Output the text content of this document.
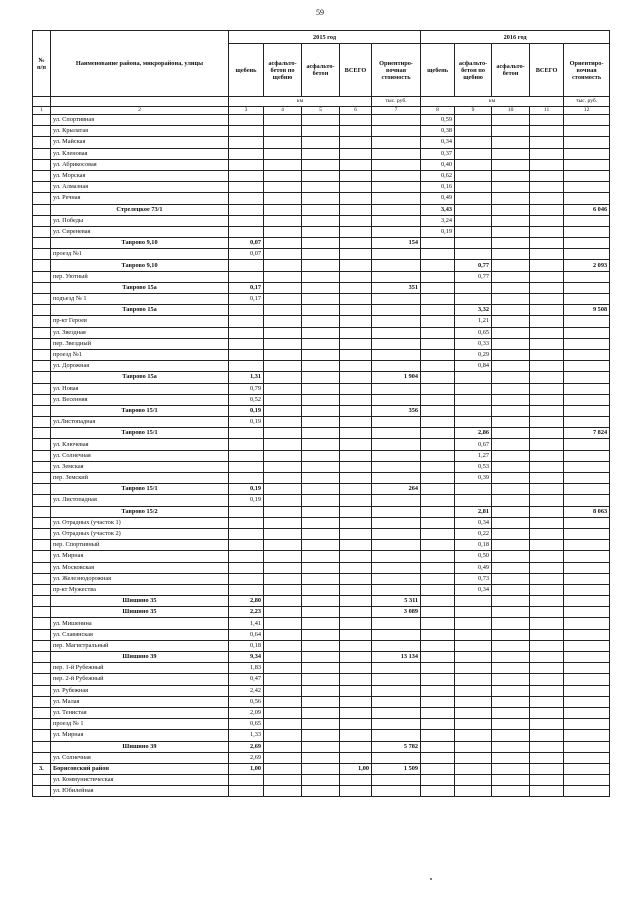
59
№ п/п	Наименование района, микрорайона, улицы	2015 год					2016 год				
		щебень	асфальто-бетон по щебню	асфальто-бетон	ВСЕГО	Ориентиро-вочная стоимость	щебень	асфальто-бетон по щебню	асфальто-бетон	ВСЕГО	Ориентиро-вочная стоимость
		км				тыс. руб.	км				тыс. руб.
1	2	3	4	5	6	7	8	9	10	11	12
	ул. Спортивная						0,59				
	ул. Крылатая						0,38				
	ул. Майская						0,34				
	ул. Кленовая						0,37				
	ул. Абрикосовая						0,40				
	ул. Морская						0,62				
	ул. Алмазная						0,16				
	ул. Речная						0,49				
	Стрелецкое 73/1						3,43				6 046
	ул. Победы						3,24				
	ул. Сиреневая						0,19				
	Таврово 9,10	0,07				154					
	проезд №1	0,07									
	Таврово 9,10							0,77			2 093
	пер. Уютный							0,77			
	Таврово 15а	0,17				351					
	подъезд № 1	0,17									
	Таврово 15а							3,32			9 508
	пр-кт Героев							1,21			
	ул. Звездная							0,65			
	пер. Звездный							0,33			
	проезд №1							0,29			
	ул. Дорожная							0,84			
	Таврово 15а	1,31				1 904					
	ул. Новая	0,79									
	ул. Весенняя	0,52									
	Таврово 15/1	0,19				356					
	ул.Листопадная	0,19									
	Таврово 15/1							2,86			7 824
	ул. Ключевая							0,67			
	ул. Солнечная							1,27			
	ул. Земская							0,53			
	пер. Земский							0,39			
	Таврово 15/1	0,19				264					
	ул. Листопадная	0,19									
	Таврово 15/2							2,81			8 063
	ул. Отрадных (участок 1)							0,34			
	ул. Отрадных (участок 2)							0,22			
	пер. Спортивный							0,18			
	ул. Мирная							0,50			
	ул. Московская							0,49			
	ул. Железнодорожная							0,73			
	пр-кт Мужества							0,34			
	Шишино 35	2,80				5 311					
	Шишино 35	2,23				3 089					
	ул. Мишенина	1,41									
	ул. Славянская	0,64									
	пер. Магистральный	0,18									
	Шишино 39	9,34				13 134					
	пер. 1-й Рубежный	1,83									
	пер. 2-й Рубежный	0,47									
	ул. Рубежная	2,42									
	ул. Малая	0,56									
	ул. Тенистая	2,09									
	проезд № 1	0,65									
	ул. Мирная	1,33									
	Шишино 39	2,69				5 782					
	ул. Солнечная	2,69									
3.	Борисовский район	1,00			1,00	1 509					
	ул. Коммунистическая										
	ул. Юбилейная										
